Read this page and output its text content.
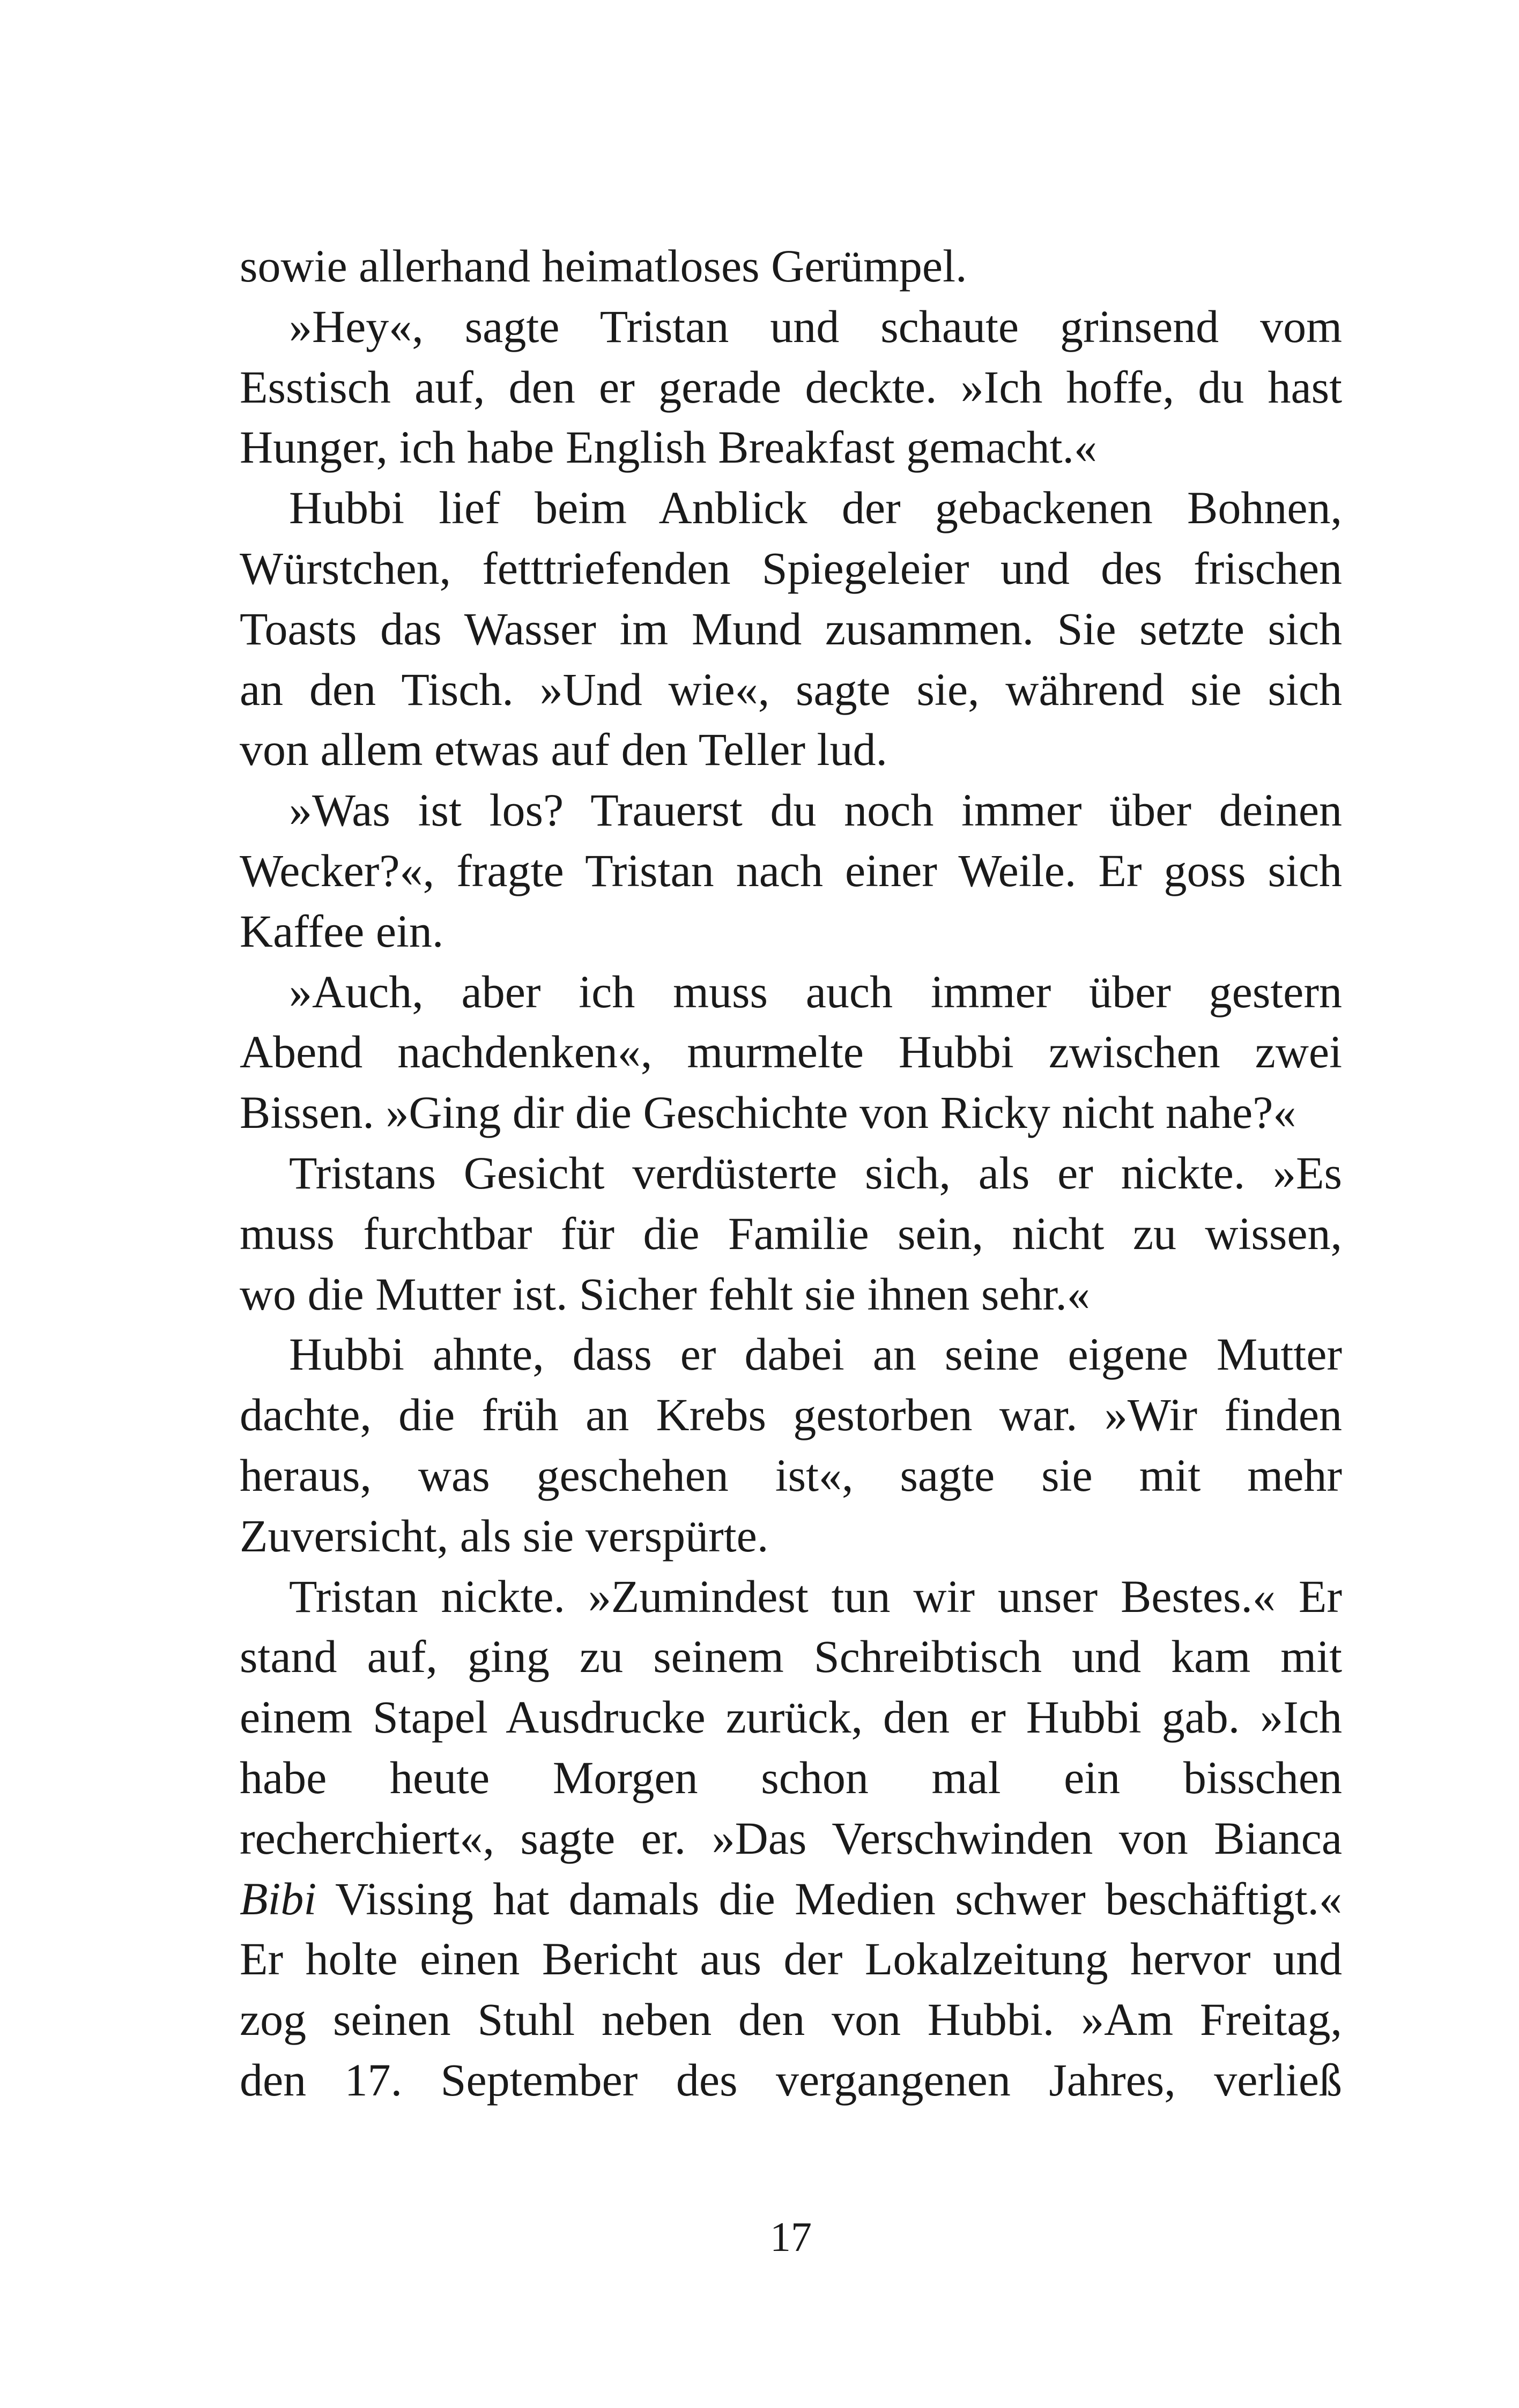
sowie allerhand heimatloses Gerümpel.
»Hey«, sagte Tristan und schaute grinsend vom
Esstisch auf, den er gerade deckte. »Ich hoffe, du hast
Hunger, ich habe English Breakfast gemacht.«
Hubbi lief beim Anblick der gebackenen Bohnen,
Würstchen, fetttriefenden Spiegeleier und des frischen
Toasts das Wasser im Mund zusammen. Sie setzte sich
an den Tisch. »Und wie«, sagte sie, während sie sich
von allem etwas auf den Teller lud.
»Was ist los? Trauerst du noch immer über deinen
Wecker?«, fragte Tristan nach einer Weile. Er goss sich
Kaffee ein.
»Auch, aber ich muss auch immer über gestern
Abend nachdenken«, murmelte Hubbi zwischen zwei
Bissen. »Ging dir die Geschichte von Ricky nicht nahe?«
Tristans Gesicht verdüsterte sich, als er nickte. »Es
muss furchtbar für die Familie sein, nicht zu wissen,
wo die Mutter ist. Sicher fehlt sie ihnen sehr.«
Hubbi ahnte, dass er dabei an seine eigene Mutter
dachte, die früh an Krebs gestorben war. »Wir finden
heraus, was geschehen ist«, sagte sie mit mehr
Zuversicht, als sie verspürte.
Tristan nickte. »Zumindest tun wir unser Bestes.« Er
stand auf, ging zu seinem Schreibtisch und kam mit
einem Stapel Ausdrucke zurück, den er Hubbi gab. »Ich
habe heute Morgen schon mal ein bisschen
recherchiert«, sagte er. »Das Verschwinden von Bianca
Bibi Vissing hat damals die Medien schwer beschäftigt.«
Er holte einen Bericht aus der Lokalzeitung hervor und
zog seinen Stuhl neben den von Hubbi. »Am Freitag,
den 17. September des vergangenen Jahres, verließ
17
